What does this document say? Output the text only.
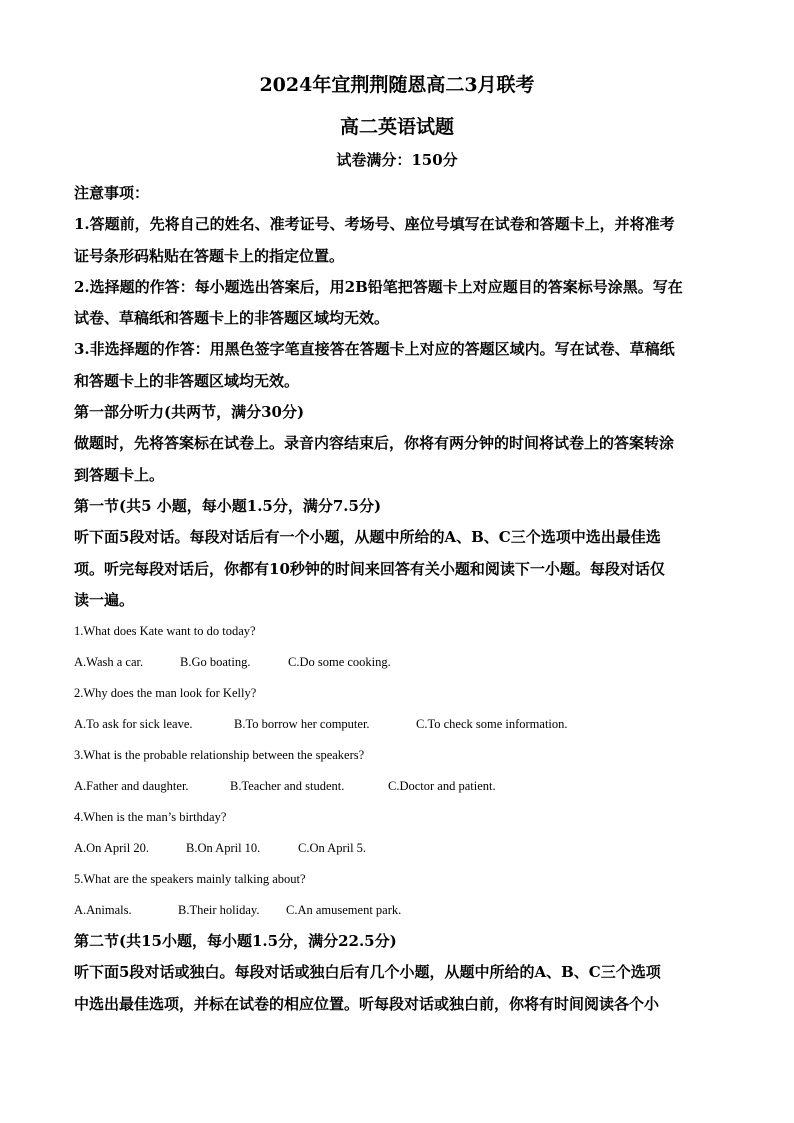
2024年宜荆荆随恩高二3月联考
高二英语试题
试卷满分：150分

注意事项：

1.答题前，先将自己的姓名、准考证号、考场号、座位号填写在试卷和答题卡上，并将准考

证号条形码粘贴在答题卡上的指定位置。

2.选择题的作答：每小题选出答案后，用2B铅笔把答题卡上对应题目的答案标号涂黑。写在

试卷、草稿纸和答题卡上的非答题区域均无效。

3.非选择题的作答：用黑色签字笔直接答在答题卡上对应的答题区域内。写在试卷、草稿纸

和答题卡上的非答题区域均无效。

第一部分听力(共两节，满分30分)

做题时，先将答案标在试卷上。录音内容结束后，你将有两分钟的时间将试卷上的答案转涂

到答题卡上。

第一节(共5 小题，每小题1.5分，满分7.5分)

听下面5段对话。每段对话后有一个小题，从题中所给的A、B、C三个选项中选出最佳选

项。听完每段对话后，你都有10秒钟的时间来回答有关小题和阅读下一小题。每段对话仅

读一遍。

1.What does Kate want to do today?

A.Wash a car.	B.Go boating.	C.Do some cooking.

2.Why does the man look for Kelly?

A.To ask for sick leave.	B.To borrow her computer.	C.To check some information.

3.What is the probable relationship between the speakers?

A.Father and daughter.	B.Teacher and student.	C.Doctor and patient.

4.When is the man’s birthday?

A.On April 20.	B.On April 10.	C.On April 5.

5.What are the speakers mainly talking about?

A.Animals.	B.Their holiday.	C.An amusement park.

第二节(共15小题，每小题1.5分，满分22.5分)

听下面5段对话或独白。每段对话或独白后有几个小题，从题中所给的A、B、C三个选项

中选出最佳选项，并标在试卷的相应位置。听每段对话或独白前，你将有时间阅读各个小
